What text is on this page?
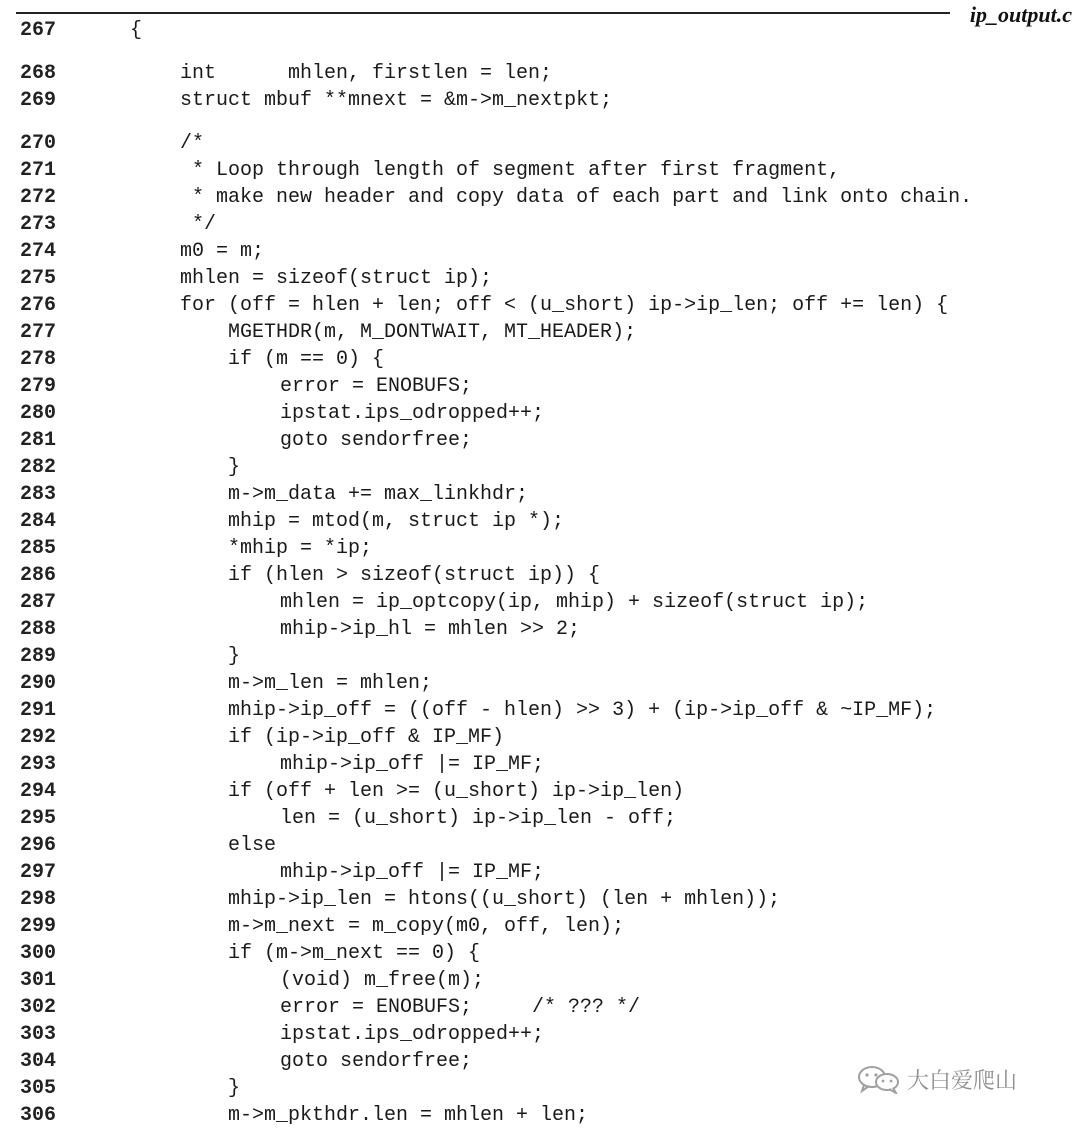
ip_output.c
267	{
268	int      mhlen, firstlen = len;
269	struct mbuf **mnext = &m->m_nextpkt;
270	/*
271	* Loop through length of segment after first fragment,
272	* make new header and copy data of each part and link onto chain.
273	*/
274	m0 = m;
275	mhlen = sizeof(struct ip);
276	for (off = hlen + len; off < (u_short) ip->ip_len; off += len) {
277	MGETHDR(m, M_DONTWAIT, MT_HEADER);
278	if (m == 0) {
279	error = ENOBUFS;
280	ipstat.ips_odropped++;
281	goto sendorfree;
282	}
283	m->m_data += max_linkhdr;
284	mhip = mtod(m, struct ip *);
285	*mhip = *ip;
286	if (hlen > sizeof(struct ip)) {
287	mhlen = ip_optcopy(ip, mhip) + sizeof(struct ip);
288	mhip->ip_hl = mhlen >> 2;
289	}
290	m->m_len = mhlen;
291	mhip->ip_off = ((off - hlen) >> 3) + (ip->ip_off & ~IP_MF);
292	if (ip->ip_off & IP_MF)
293	mhip->ip_off |= IP_MF;
294	if (off + len >= (u_short) ip->ip_len)
295	len = (u_short) ip->ip_len - off;
296	else
297	mhip->ip_off |= IP_MF;
298	mhip->ip_len = htons((u_short) (len + mhlen));
299	m->m_next = m_copy(m0, off, len);
300	if (m->m_next == 0) {
301	(void) m_free(m);
302	error = ENOBUFS;     /* ??? */
303	ipstat.ips_odropped++;
304	goto sendorfree;
305	}
306	m->m_pkthdr.len = mhlen + len;
大白爱爬山
